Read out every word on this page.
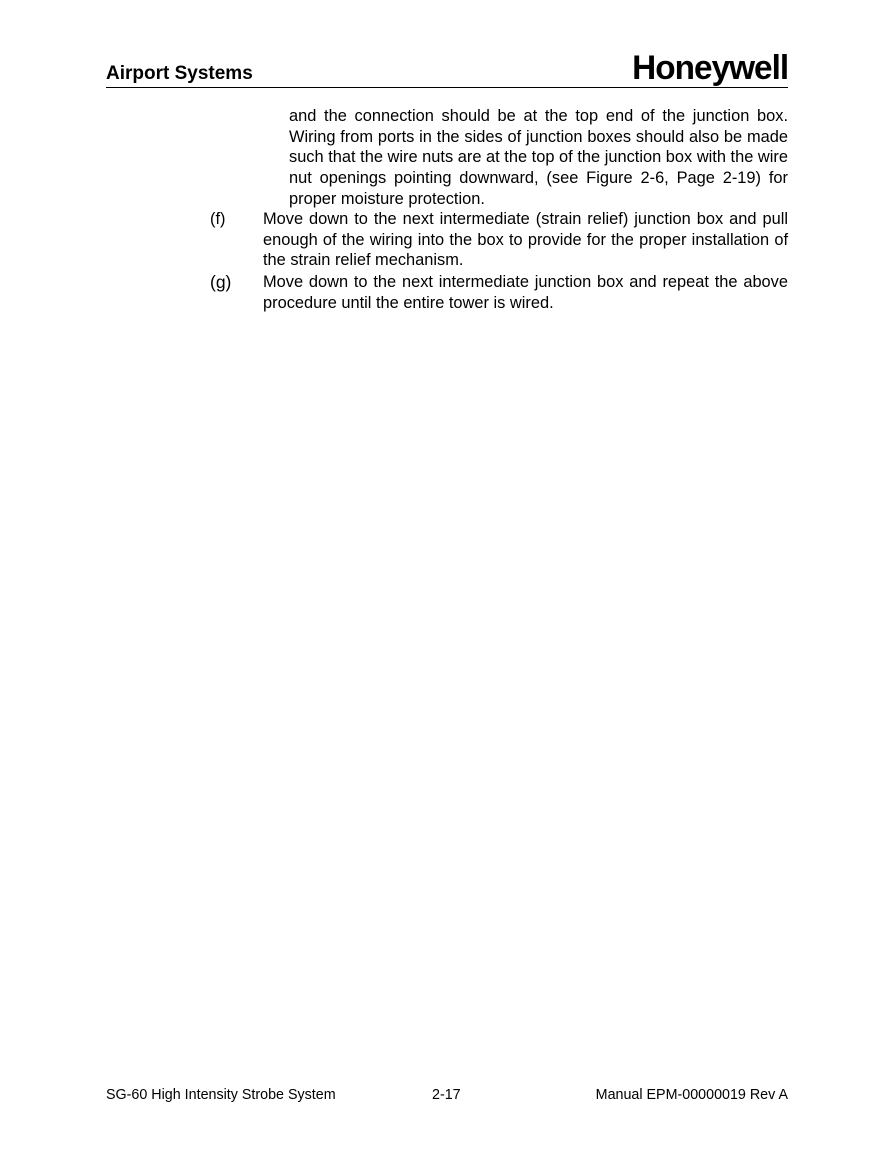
Airport Systems	Honeywell
and the connection should be at the top end of the junction box. Wiring from ports in the sides of junction boxes should also be made such that the wire nuts are at the top of the junction box with the wire nut openings pointing downward, (see Figure 2-6, Page 2-19) for proper moisture protection.
(f)	Move down to the next intermediate (strain relief) junction box and pull enough of the wiring into the box to provide for the proper installation of the strain relief mechanism.
(g)	Move down to the next intermediate junction box and repeat the above procedure until the entire tower is wired.
SG-60 High Intensity Strobe System	2-17	Manual EPM-00000019 Rev A
